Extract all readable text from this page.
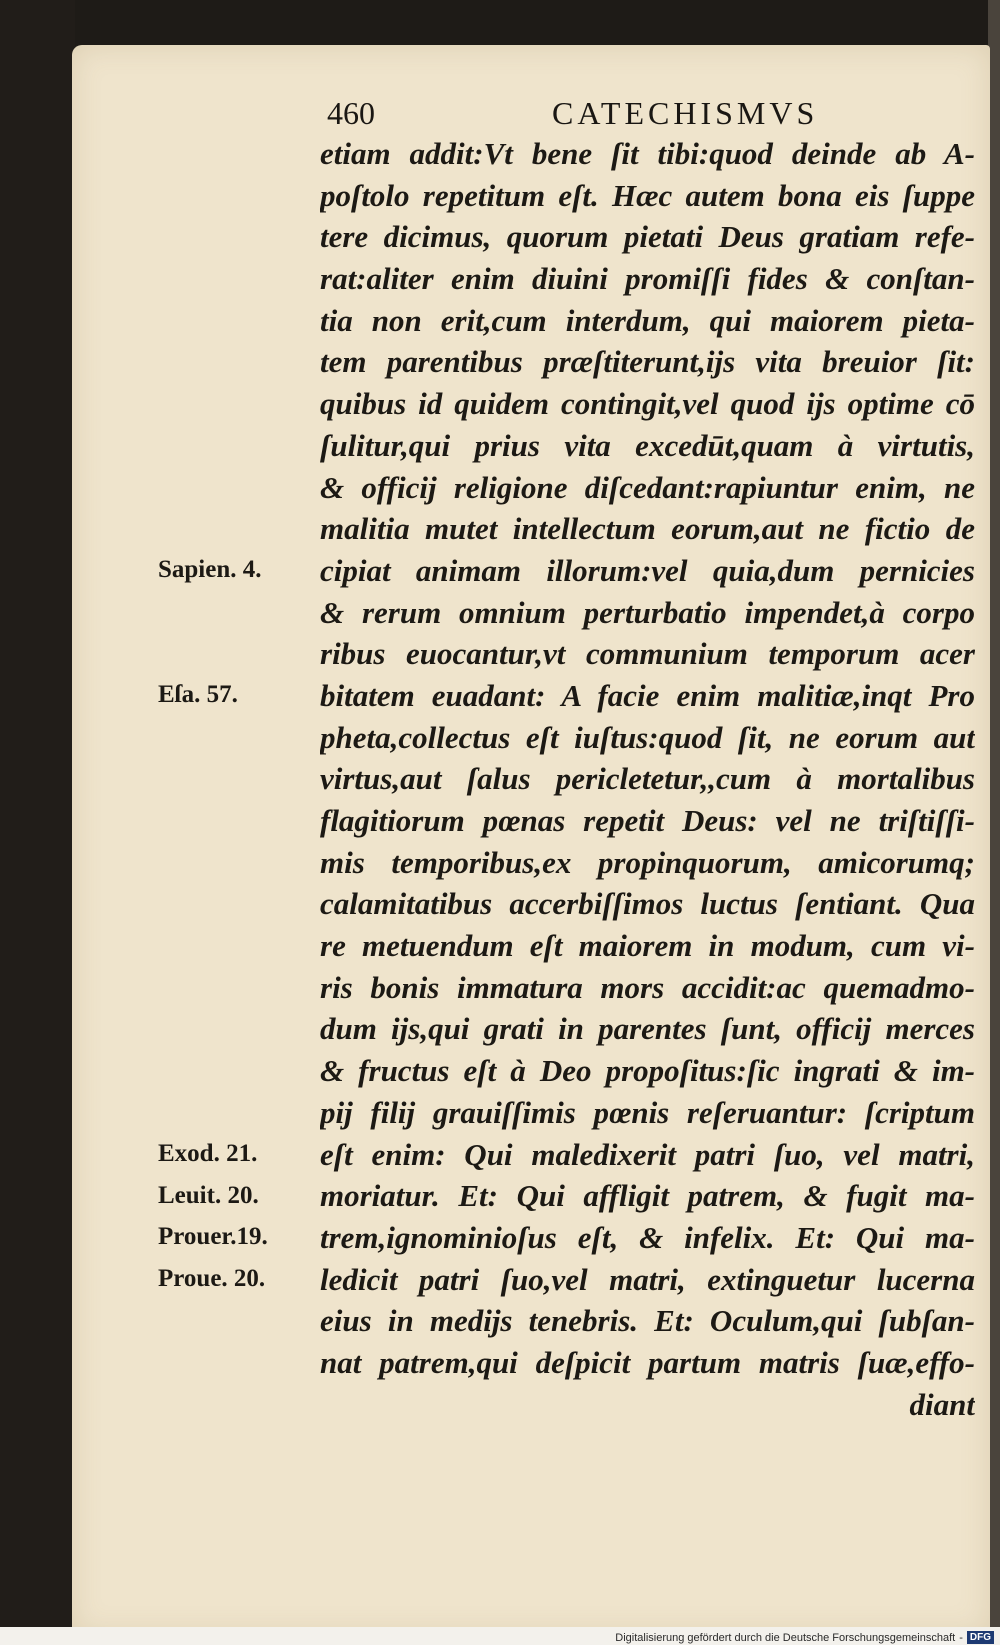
460	CATECHISMVS
etiam addit:Vt bene ſit tibi:quod deinde ab A-
poſtolo repetitum eſt. Hæc autem bona eis ſuppe
tere dicimus, quorum pietati Deus gratiam refe-
rat:aliter enim diuini promiſſi fides & conſtan-
tia non erit,cum interdum, qui maiorem pieta-
tem parentibus præſtiterunt,ijs vita breuior ſit:
quibus id quidem contingit,vel quod ijs optime cō
ſulitur,qui prius vita excedūt,quam à virtutis,
& officij religione diſcedant:rapiuntur enim, ne
malitia mutet intellectum eorum,aut ne fictio de
cipiat animam illorum:vel quia,dum pernicies
& rerum omnium perturbatio impendet,à corpo
ribus euocantur,vt communium temporum acer
bitatem euadant: A facie enim malitiæ,inqt Pro
pheta,collectus eſt iuſtus:quod ſit, ne eorum aut
virtus,aut ſalus pericletetur,,cum à mortalibus
flagitiorum pœnas repetit Deus: vel ne triſtiſſi-
mis temporibus,ex propinquorum, amicorumq;
calamitatibus accerbiſſimos luctus ſentiant. Qua
re metuendum eſt maiorem in modum, cum vi-
ris bonis immatura mors accidit:ac quemadmo-
dum ijs,qui grati in parentes ſunt, officij merces
& fructus eſt à Deo propoſitus:ſic ingrati & im-
pij filij grauiſſimis pœnis reſeruantur: ſcriptum
eſt enim: Qui maledixerit patri ſuo, vel matri,
moriatur. Et: Qui affligit patrem, & fugit ma-
trem,ignominioſus eſt, & infelix. Et: Qui ma-
ledicit patri ſuo,vel matri, extinguetur lucerna
eius in medijs tenebris. Et: Oculum,qui ſubſan-
nat patrem,qui deſpicit partum matris ſuæ,effo-
diant
Sapien. 4.
Eſa. 57.
Exod. 21.
Leuit. 20.
Prouer.19.
Proue. 20.
Digitalisierung gefördert durch die Deutsche Forschungsgemeinschaft - DFG
